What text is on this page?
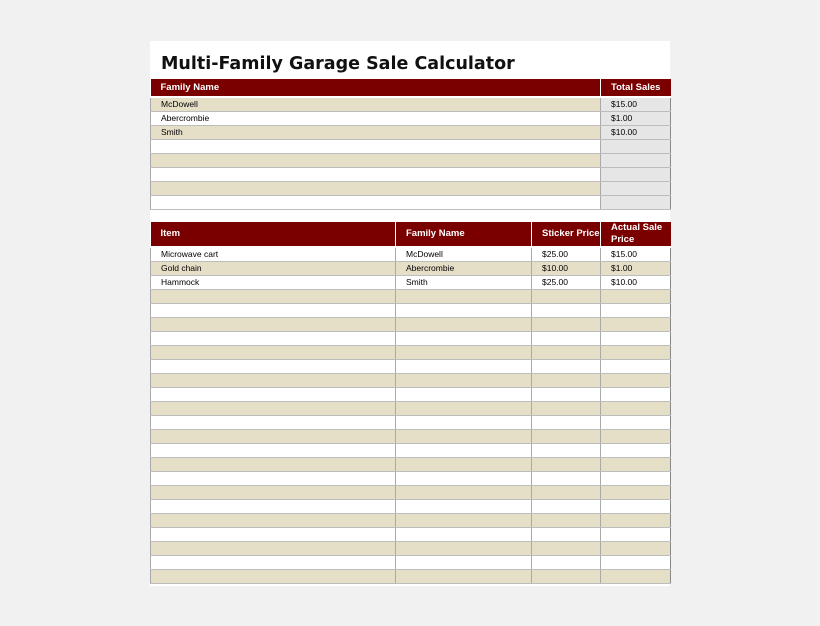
Multi-Family Garage Sale Calculator
Family Name	Total Sales
McDowell	$15.00
Abercrombie	$1.00
Smith	$10.00

Item	Family Name	Sticker Price	Actual Sale Price
Microwave cart	McDowell	$25.00	$15.00
Gold chain	Abercrombie	$10.00	$1.00
Hammock	Smith	$25.00	$10.00
